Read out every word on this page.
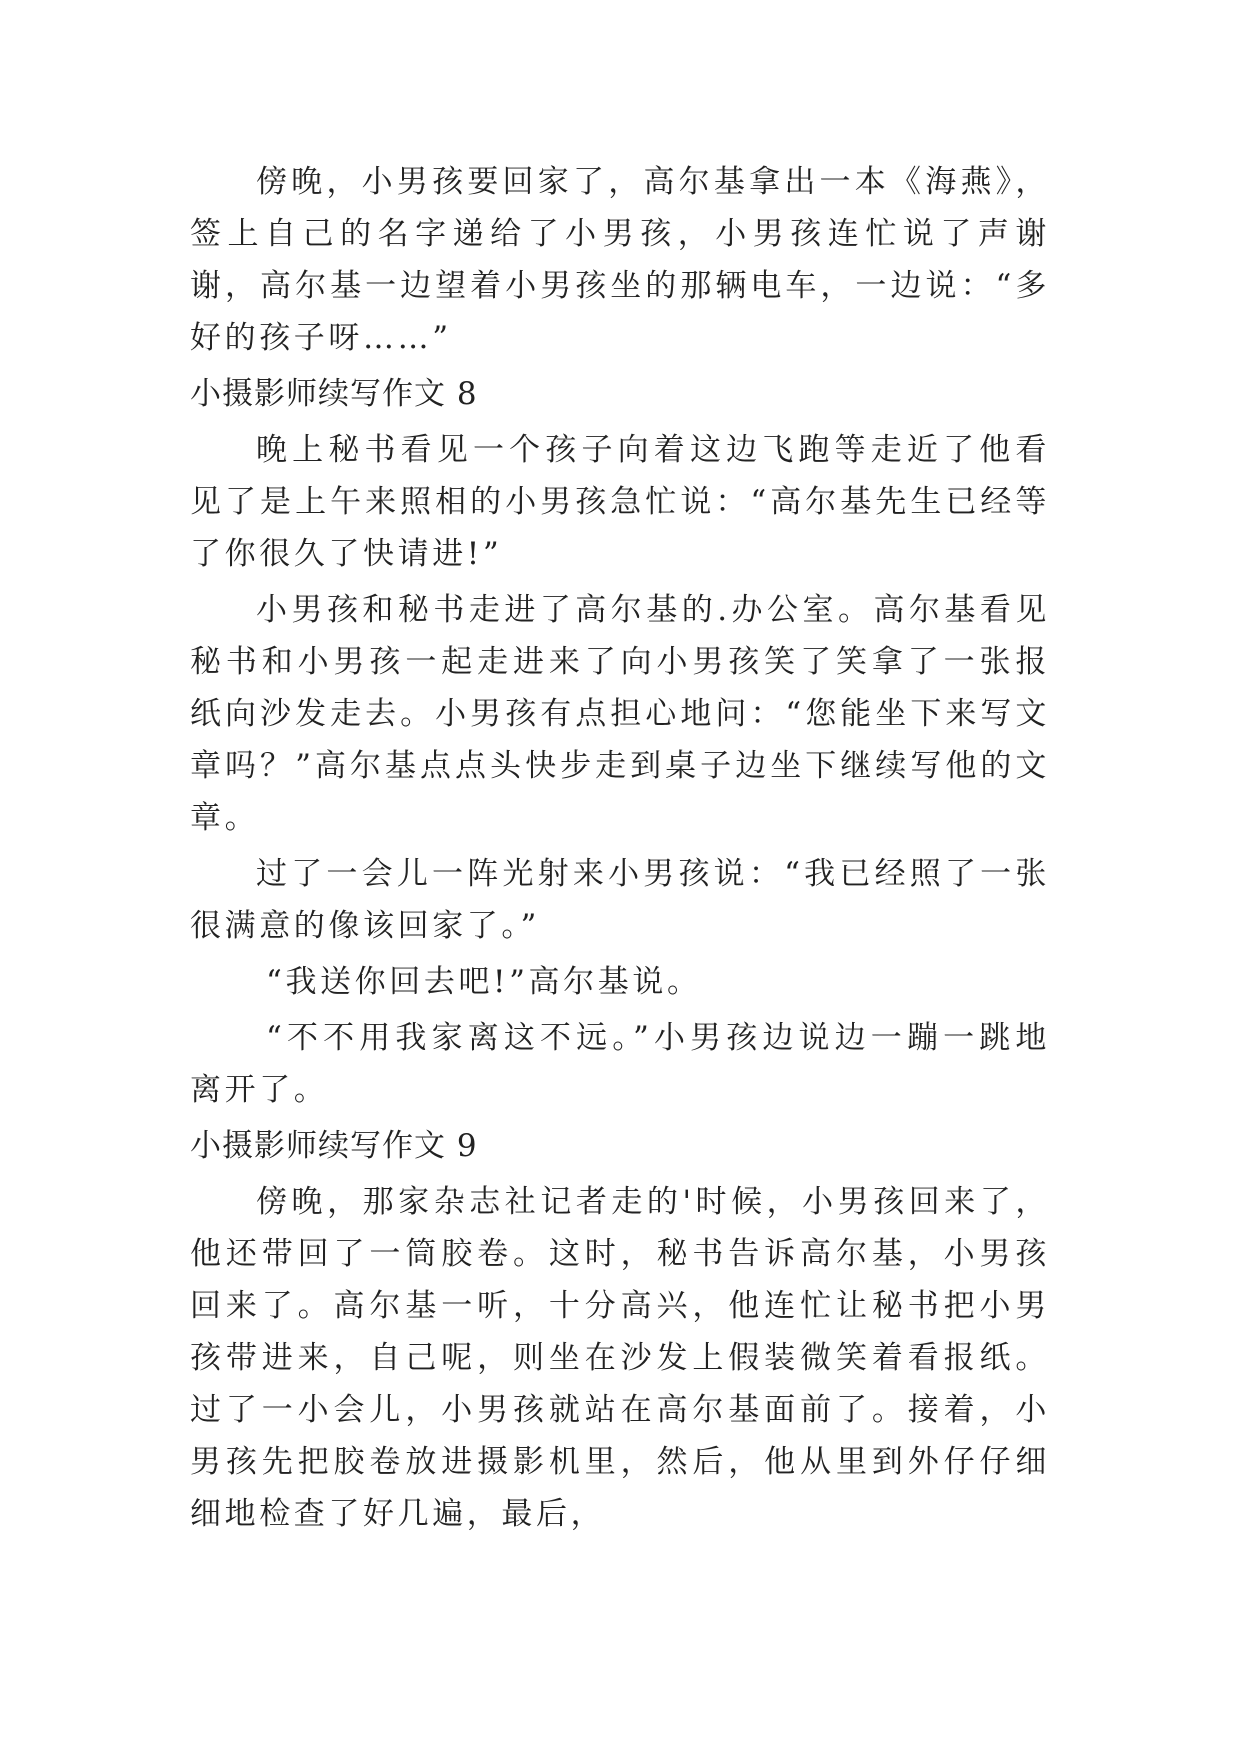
傍晚，小男孩要回家了，高尔基拿出一本《海燕》，签上自己的名字递给了小男孩，小男孩连忙说了声谢谢，高尔基一边望着小男孩坐的那辆电车，一边说：“多好的孩子呀……”

小摄影师续写作文 8

晚上秘书看见一个孩子向着这边飞跑等走近了他看见了是上午来照相的小男孩急忙说：“高尔基先生已经等了你很久了快请进!”

小男孩和秘书走进了高尔基的.办公室。高尔基看见秘书和小男孩一起走进来了向小男孩笑了笑拿了一张报纸向沙发走去。小男孩有点担心地问：“您能坐下来写文章吗？”高尔基点点头快步走到桌子边坐下继续写他的文章。

过了一会儿一阵光射来小男孩说：“我已经照了一张很满意的像该回家了。”

“我送你回去吧!”高尔基说。

“不不用我家离这不远。”小男孩边说边一蹦一跳地离开了。

小摄影师续写作文 9

傍晚，那家杂志社记者走的'时候，小男孩回来了，他还带回了一筒胶卷。这时，秘书告诉高尔基，小男孩回来了。高尔基一听，十分高兴，他连忙让秘书把小男孩带进来，自己呢，则坐在沙发上假装微笑着看报纸。过了一小会儿，小男孩就站在高尔基面前了。接着，小男孩先把胶卷放进摄影机里，然后，他从里到外仔仔细细地检查了好几遍，最后，
